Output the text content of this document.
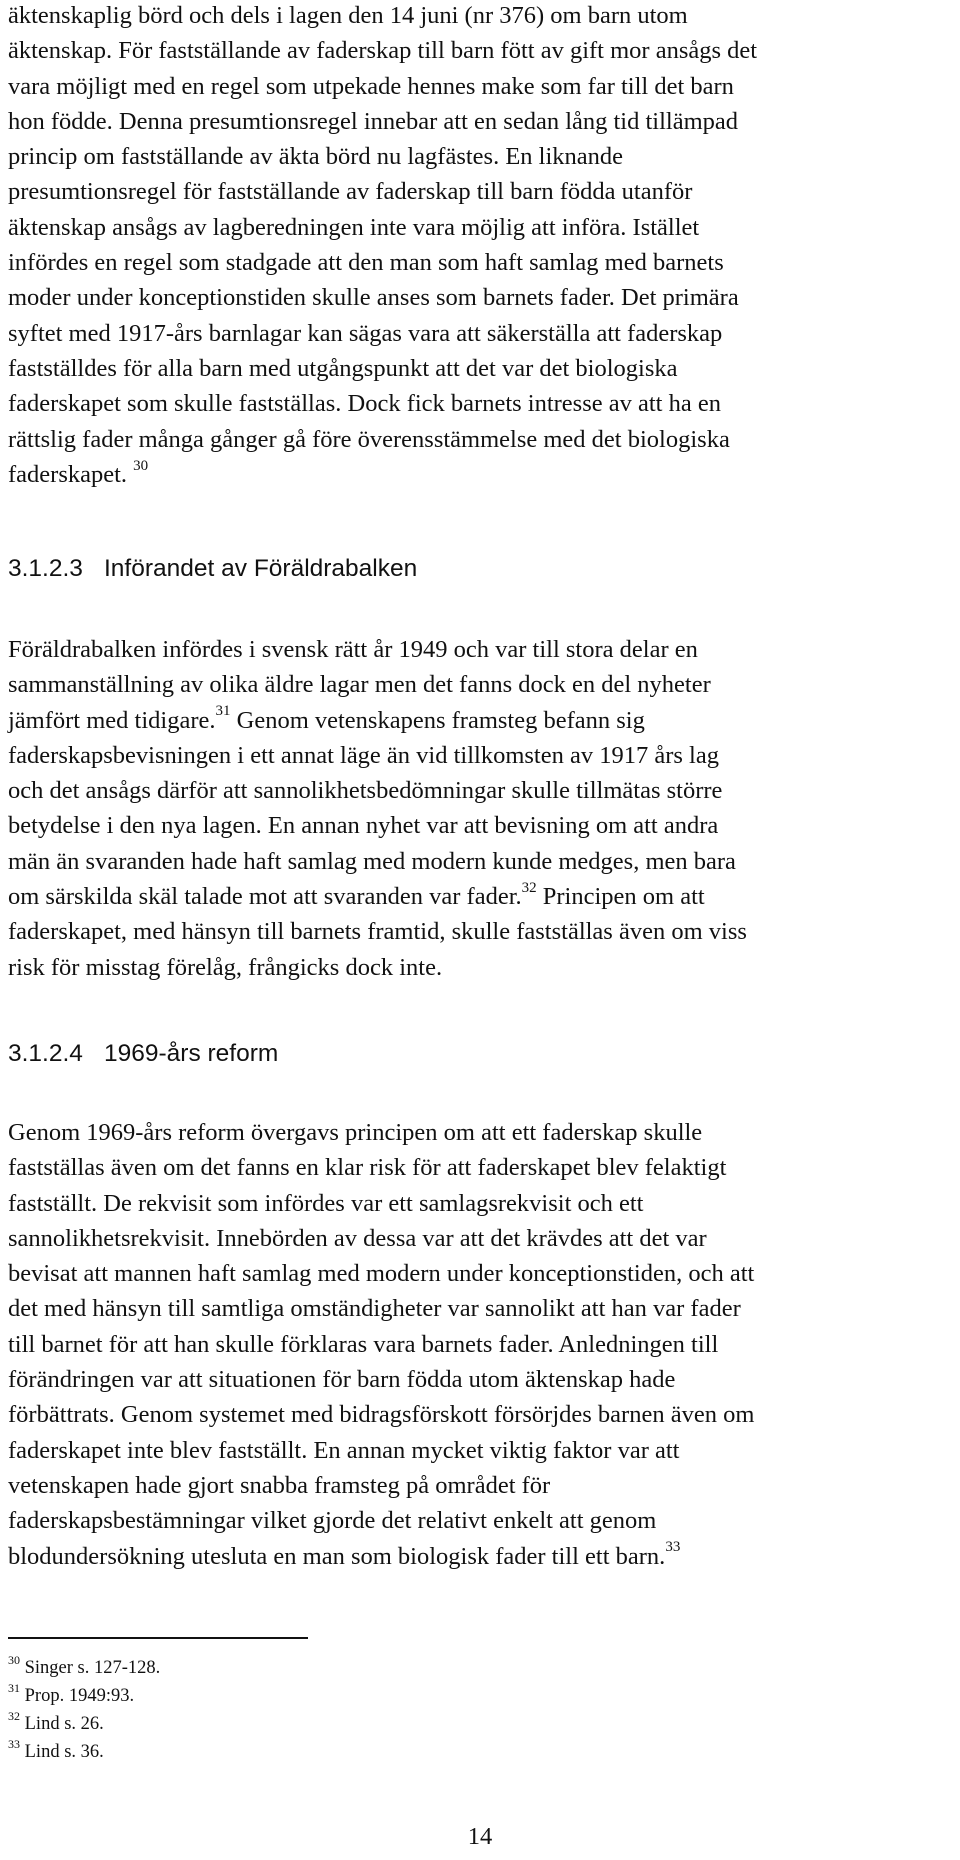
äktenskaplig börd och dels i lagen den 14 juni (nr 376) om barn utom
äktenskap. För fastställande av faderskap till barn fött av gift mor ansågs det
vara möjligt med en regel som utpekade hennes make som far till det barn
hon födde. Denna presumtionsregel innebar att en sedan lång tid tillämpad
princip om fastställande av äkta börd nu lagfästes. En liknande
presumtionsregel för fastställande av faderskap till barn födda utanför
äktenskap ansågs av lagberedningen inte vara möjlig att införa. Istället
infördes en regel som stadgade att den man som haft samlag med barnets
moder under konceptionstiden skulle anses som barnets fader. Det primära
syftet med 1917-års barnlagar kan sägas vara att säkerställa att faderskap
fastställdes för alla barn med utgångspunkt att det var det biologiska
faderskapet som skulle fastställas. Dock fick barnets intresse av att ha en
rättslig fader många gånger gå före överensstämmelse med det biologiska
faderskapet. $^{30}$
3.1.2.3 Införandet av Föräldrabalken
Föräldrabalken infördes i svensk rätt år 1949 och var till stora delar en
sammanställning av olika äldre lagar men det fanns dock en del nyheter
jämfört med tidigare.$^{31}$ Genom vetenskapens framsteg befann sig
faderskapsbevisningen i ett annat läge än vid tillkomsten av 1917 års lag
och det ansågs därför att sannolikhetsbedömningar skulle tillmätas större
betydelse i den nya lagen. En annan nyhet var att bevisning om att andra
män än svaranden hade haft samlag med modern kunde medges, men bara
om särskilda skäl talade mot att svaranden var fader.$^{32}$ Principen om att
faderskapet, med hänsyn till barnets framtid, skulle fastställas även om viss
risk för misstag förelåg, frångicks dock inte.
3.1.2.4 1969-års reform
Genom 1969-års reform övergavs principen om att ett faderskap skulle
fastställas även om det fanns en klar risk för att faderskapet blev felaktigt
fastställt. De rekvisit som infördes var ett samlagsrekvisit och ett
sannolikhetsrekvisit. Innebörden av dessa var att det krävdes att det var
bevisat att mannen haft samlag med modern under konceptionstiden, och att
det med hänsyn till samtliga omständigheter var sannolikt att han var fader
till barnet för att han skulle förklaras vara barnets fader. Anledningen till
förändringen var att situationen för barn födda utom äktenskap hade
förbättrats. Genom systemet med bidragsförskott försörjdes barnen även om
faderskapet inte blev fastställt. En annan mycket viktig faktor var att
vetenskapen hade gjort snabba framsteg på området för
faderskapsbestämningar vilket gjorde det relativt enkelt att genom
blodundersökning utesluta en man som biologisk fader till ett barn.$^{33}$

$^{30}$ Singer s. 127-128.

$^{31}$ Prop. 1949:93.

$^{32}$ Lind s. 26.

$^{33}$ Lind s. 36.

14
